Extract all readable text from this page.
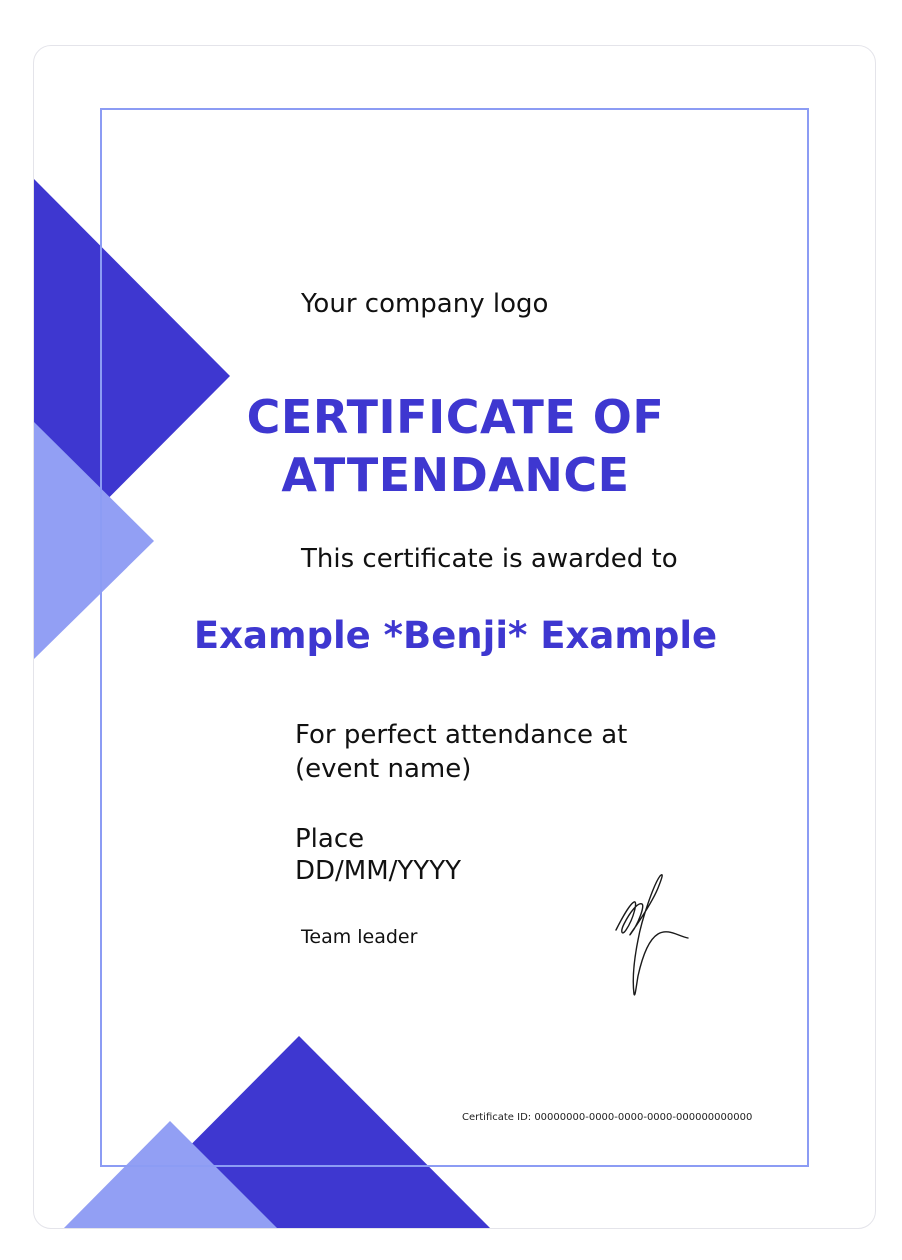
Your company logo
CERTIFICATE OF
ATTENDANCE
This certificate is awarded to
Example *Benji* Example
For perfect attendance at
(event name)
Place
DD/MM/YYYY
Team leader
Certificate ID: 00000000-0000-0000-0000-000000000000
